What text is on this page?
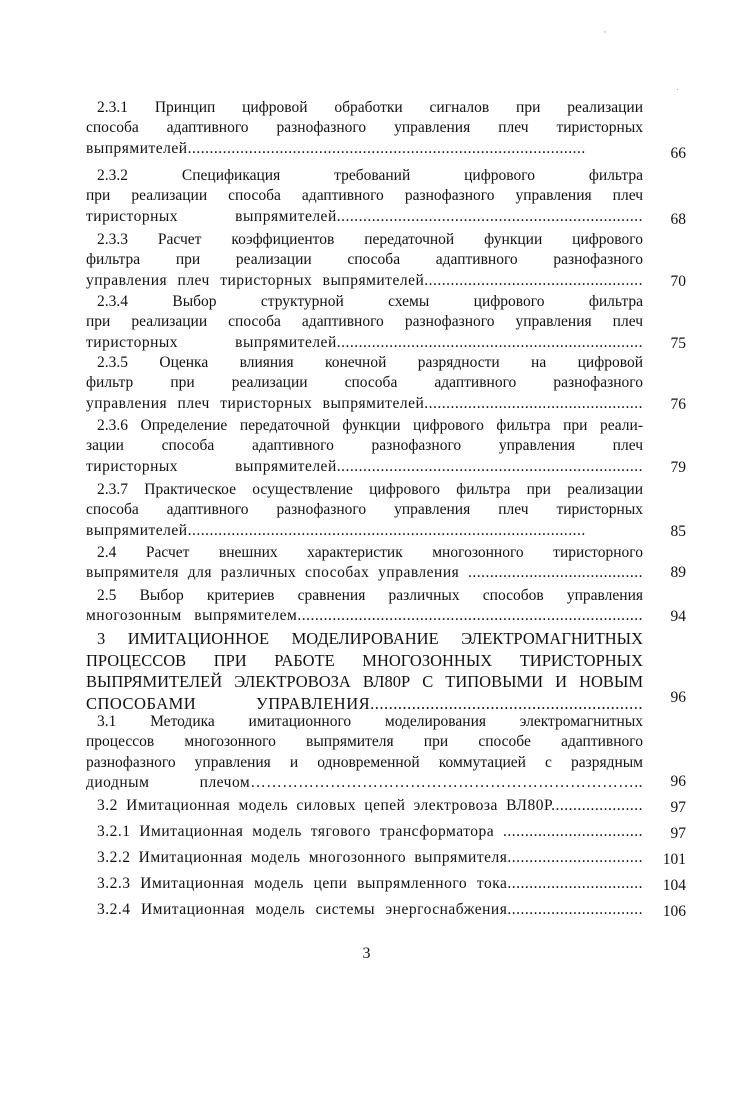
2.3.1 Принцип цифровой обработки сигналов при реализации
способа адаптивного разнофазного управления плеч тиристорных
выпрямителей...........................................................................................	66
2.3.2 Спецификация требований цифрового фильтра
при реализации способа адаптивного разнофазного управления плеч
тиристорных выпрямителей......................................................................	68
2.3.3 Расчет коэффициентов передаточной функции цифрового
фильтра при реализации способа адаптивного разнофазного
управления плеч тиристорных выпрямителей..................................................	70
2.3.4 Выбор структурной схемы цифрового фильтра
при реализации способа адаптивного разнофазного управления плеч
тиристорных выпрямителей......................................................................	75
2.3.5 Оценка влияния конечной разрядности на цифровой
фильтр при реализации способа адаптивного разнофазного
управления плеч тиристорных выпрямителей..................................................	76
2.3.6 Определение передаточной функции цифрового фильтра при реали-
зации способа адаптивного разнофазного управления плеч
тиристорных выпрямителей......................................................................	79
2.3.7 Практическое осуществление цифрового фильтра при реализации
способа адаптивного разнофазного управления плеч тиристорных
выпрямителей...........................................................................................	85
2.4 Расчет внешних характеристик многозонного тиристорного
выпрямителя для различных способах управления ........................................	89
2.5 Выбор критериев сравнения различных способов управления
многозонным выпрямителем...............................................................................	94
3 ИМИТАЦИОННОЕ МОДЕЛИРОВАНИЕ ЭЛЕКТРОМАГНИТНЫХ
ПРОЦЕССОВ ПРИ РАБОТЕ МНОГОЗОННЫХ ТИРИСТОРНЫХ
ВЫПРЯМИТЕЛЕЙ ЭЛЕКТРОВОЗА ВЛ80Р С ТИПОВЫМИ И НОВЫМ
СПОСОБАМИ УПРАВЛЕНИЯ...........................................................	96
3.1 Методика имитационного моделирования электромагнитных
процессов многозонного выпрямителя при способе адаптивного
разнофазного управления и одновременной коммутацией с разрядным
диодным плечом………………………………………………………………..	96
3.2 Имитационная модель силовых цепей электровоза ВЛ80Р.....................	97
3.2.1 Имитационная модель тягового трансформатора ................................	97
3.2.2 Имитационная модель многозонного выпрямителя...............................	101
3.2.3 Имитационная модель цепи выпрямленного тока...............................	104
3.2.4 Имитационная модель системы энергоснабжения...............................	106
'
.
3
